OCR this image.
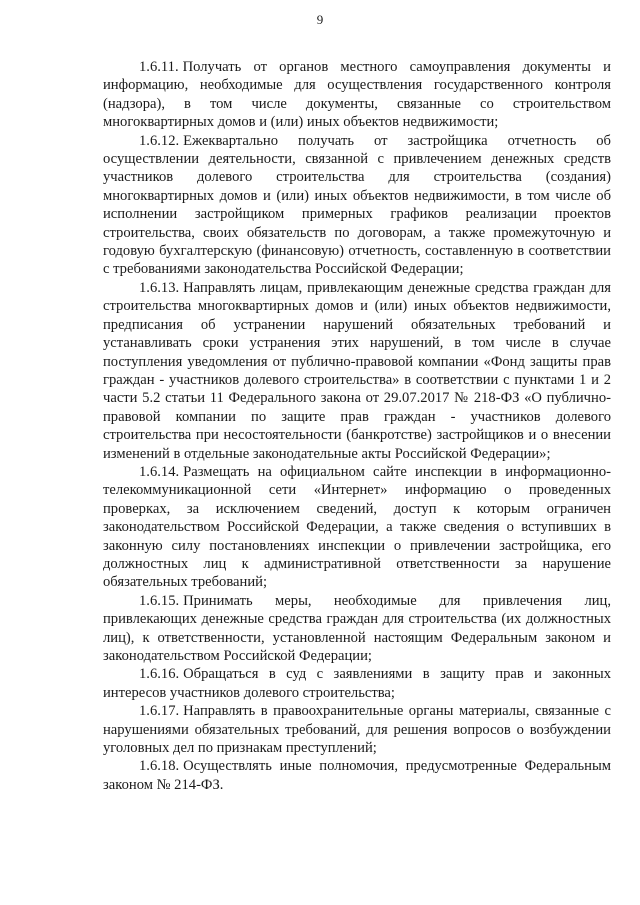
9

1.6.11. Получать от органов местного самоуправления документы и информацию, необходимые для осуществления государственного контроля (надзора), в том числе документы, связанные со строительством многоквартирных домов и (или) иных объектов недвижимости;

1.6.12. Ежеквартально получать от застройщика отчетность об осуществлении деятельности, связанной с привлечением денежных средств участников долевого строительства для строительства (создания) многоквартирных домов и (или) иных объектов недвижимости, в том числе об исполнении застройщиком примерных графиков реализации проектов строительства, своих обязательств по договорам, а также промежуточную и годовую бухгалтерскую (финансовую) отчетность, составленную в соответствии с требованиями законодательства Российской Федерации;

1.6.13. Направлять лицам, привлекающим денежные средства граждан для строительства многоквартирных домов и (или) иных объектов недвижимости, предписания об устранении нарушений обязательных требований и устанавливать сроки устранения этих нарушений, в том числе в случае поступления уведомления от публично-правовой компании «Фонд защиты прав граждан - участников долевого строительства» в соответствии с пунктами 1 и 2 части 5.2 статьи 11 Федерального закона от 29.07.2017 № 218-ФЗ «О публично-правовой компании по защите прав граждан - участников долевого строительства при несостоятельности (банкротстве) застройщиков и о внесении изменений в отдельные законодательные акты Российской Федерации»;

1.6.14. Размещать на официальном сайте инспекции в информационно-телекоммуникационной сети «Интернет» информацию о проведенных проверках, за исключением сведений, доступ к которым ограничен законодательством Российской Федерации, а также сведения о вступивших в законную силу постановлениях инспекции о привлечении застройщика, его должностных лиц к административной ответственности за нарушение обязательных требований;

1.6.15. Принимать меры, необходимые для привлечения лиц, привлекающих денежные средства граждан для строительства (их должностных лиц), к ответственности, установленной настоящим Федеральным законом и законодательством Российской Федерации;

1.6.16. Обращаться в суд с заявлениями в защиту прав и законных интересов участников долевого строительства;

1.6.17. Направлять в правоохранительные органы материалы, связанные с нарушениями обязательных требований, для решения вопросов о возбуждении уголовных дел по признакам преступлений;

1.6.18. Осуществлять иные полномочия, предусмотренные Федеральным законом № 214-ФЗ.
